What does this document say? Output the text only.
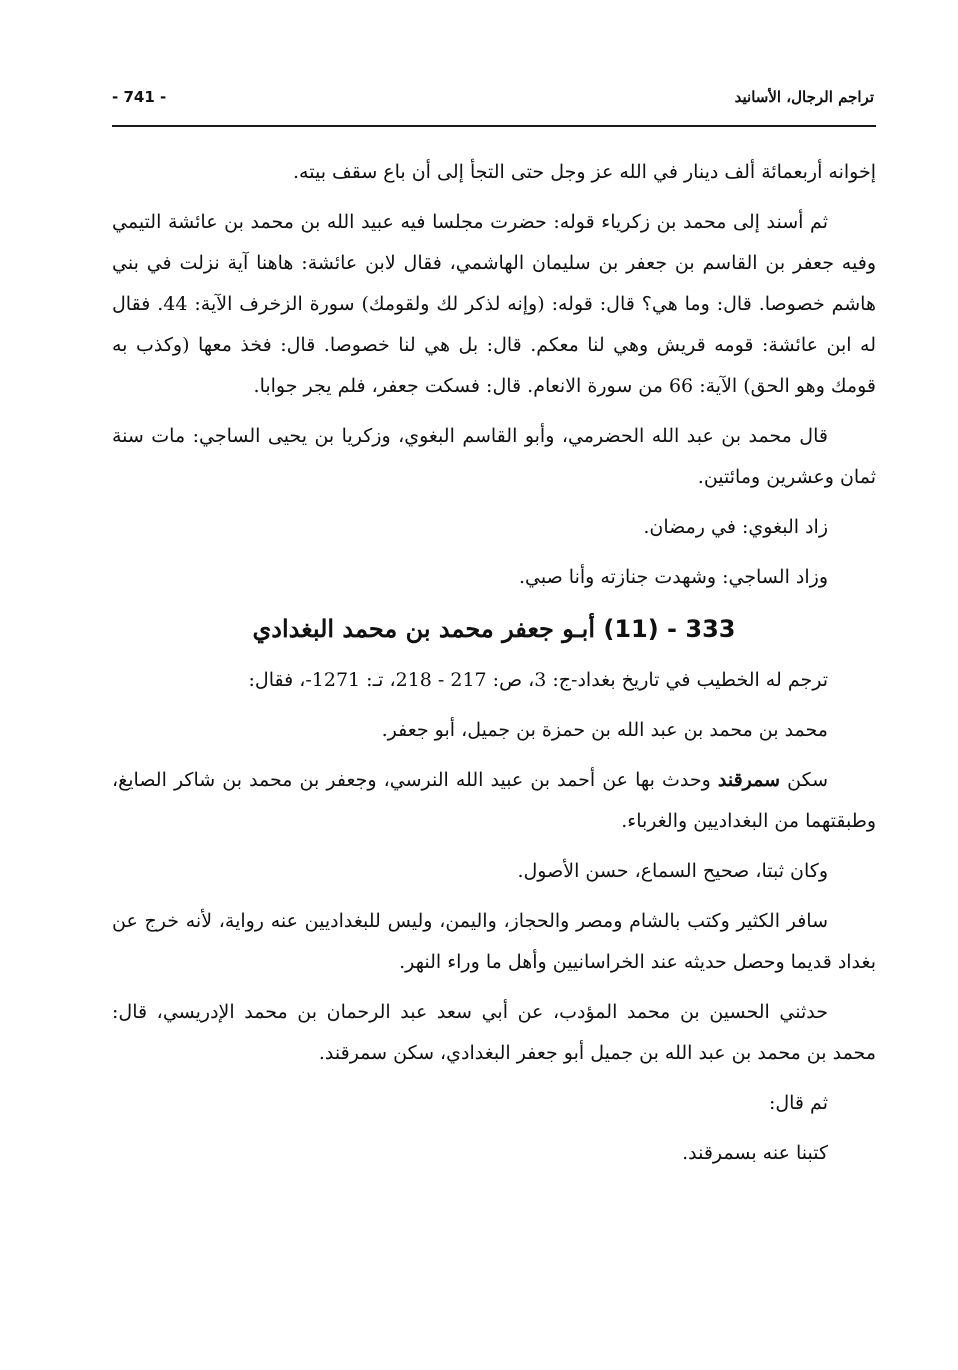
تراجم الرجال، الأسانيد
- 741 -

إخوانه أربعمائة ألف دينار في الله عز وجل حتى التجأ إلى أن باع سقف بيته.

ثم أسند إلى محمد بن زكرياء قوله: حضرت مجلسا فيه عبيد الله بن محمد بن عائشة التيمي وفيه جعفر بن القاسم بن جعفر بن سليمان الهاشمي، فقال لابن عائشة: هاهنا آية نزلت في بني هاشم خصوصا. قال: وما هي؟ قال: قوله: (وإنه لذكر لك ولقومك) سورة الزخرف الآية: 44. فقال له ابن عائشة: قومه قريش وهي لنا معكم. قال: بل هي لنا خصوصا. قال: فخذ معها (وكذب به قومك وهو الحق) الآية: 66 من سورة الانعام. قال: فسكت جعفر، فلم يجر جوابا.

قال محمد بن عبد الله الحضرمي، وأبو القاسم البغوي، وزكريا بن يحيى الساجي: مات سنة ثمان وعشرين ومائتين.

زاد البغوي: في رمضان.

وزاد الساجي: وشهدت جنازته وأنا صبي.

333 - (11) أبـو جعفر محمد بن محمد البغدادي

ترجم له الخطيب في تاريخ بغداد-ج: 3، ص: 217 - 218، تـ: 1271-، فقال:

محمد بن محمد بن عبد الله بن حمزة بن جميل، أبو جعفر.

سكن سمرقند وحدث بها عن أحمد بن عبيد الله النرسي، وجعفر بن محمد بن شاكر الصايغ، وطبقتهما من البغداديين والغرباء.

وكان ثبتا، صحيح السماع، حسن الأصول.

سافر الكثير وكتب بالشام ومصر والحجاز، واليمن، وليس للبغداديين عنه رواية، لأنه خرج عن بغداد قديما وحصل حديثه عند الخراسانيين وأهل ما وراء النهر.

حدثني الحسين بن محمد المؤدب، عن أبي سعد عبد الرحمان بن محمد الإدريسي، قال: محمد بن محمد بن عبد الله بن جميل أبو جعفر البغدادي، سكن سمرقند.

ثم قال:

كتبنا عنه بسمرقند.
